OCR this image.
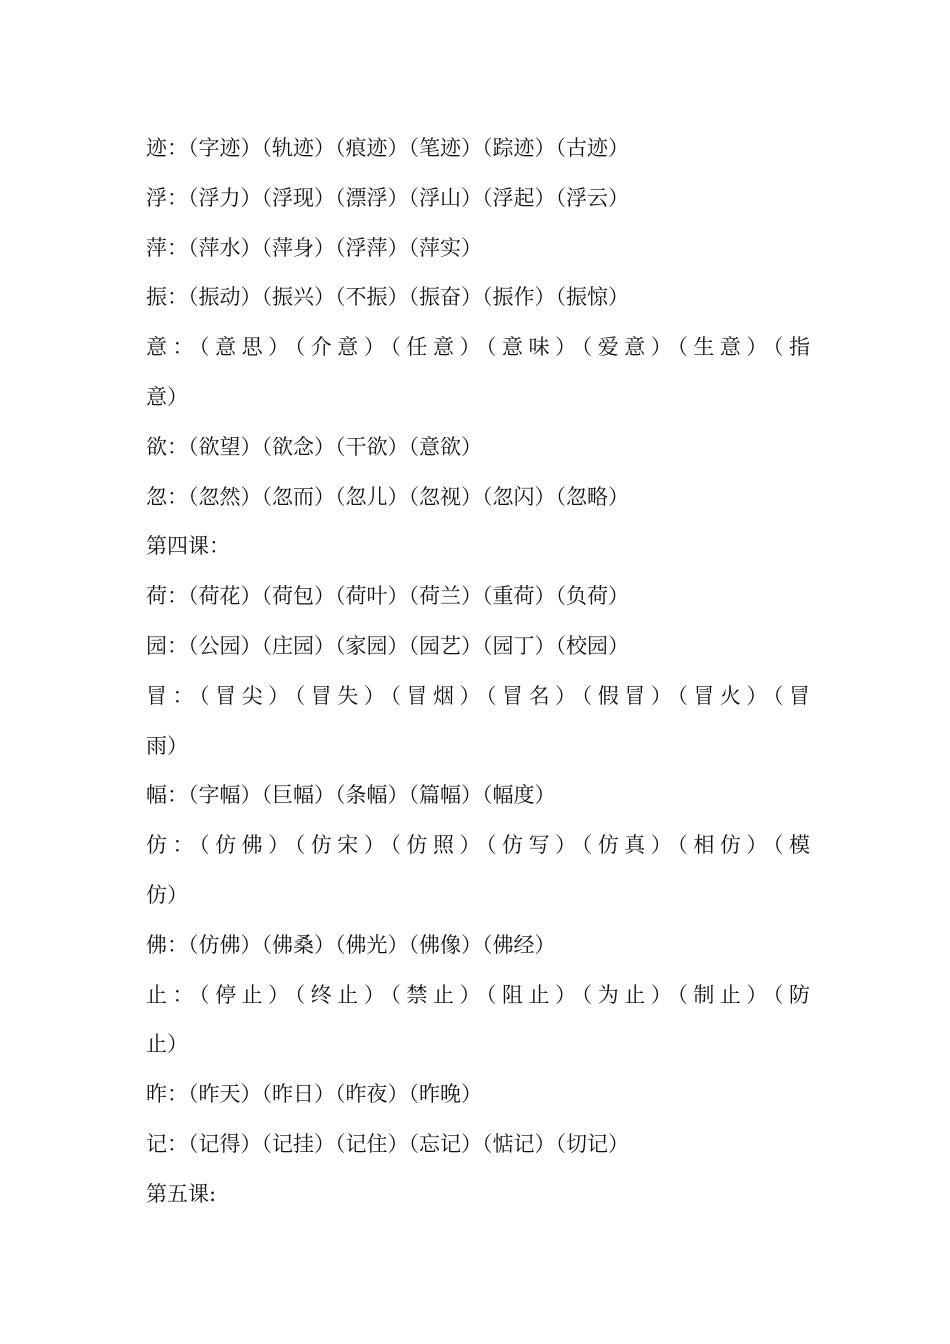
迹：（字迹）（轨迹）（痕迹）（笔迹）（踪迹）（古迹）
浮：（浮力）（浮现）（漂浮）（浮山）（浮起）（浮云）
萍：（萍水）（萍身）（浮萍）（萍实）
振：（振动）（振兴）（不振）（振奋）（振作）（振惊）
意：（意思）（介意）（任意）（意味）（爱意）（生意）（指
意）
欲：（欲望）（欲念）（干欲）（意欲）
忽：（忽然）（忽而）（忽儿）（忽视）（忽闪）（忽略）
第四课：
荷：（荷花）（荷包）（荷叶）（荷兰）（重荷）（负荷）
园：（公园）（庄园）（家园）（园艺）（园丁）（校园）
冒：（冒尖）（冒失）（冒烟）（冒名）（假冒）（冒火）（冒
雨）
幅：（字幅）（巨幅）（条幅）（篇幅）（幅度）
仿：（仿佛）（仿宋）（仿照）（仿写）（仿真）（相仿）（模
仿）
佛：（仿佛）（佛桑）（佛光）（佛像）（佛经）
止：（停止）（终止）（禁止）（阻止）（为止）（制止）（防
止）
昨：（昨天）（昨日）（昨夜）（昨晚）
记：（记得）（记挂）（记住）（忘记）（惦记）（切记）
第五课:
